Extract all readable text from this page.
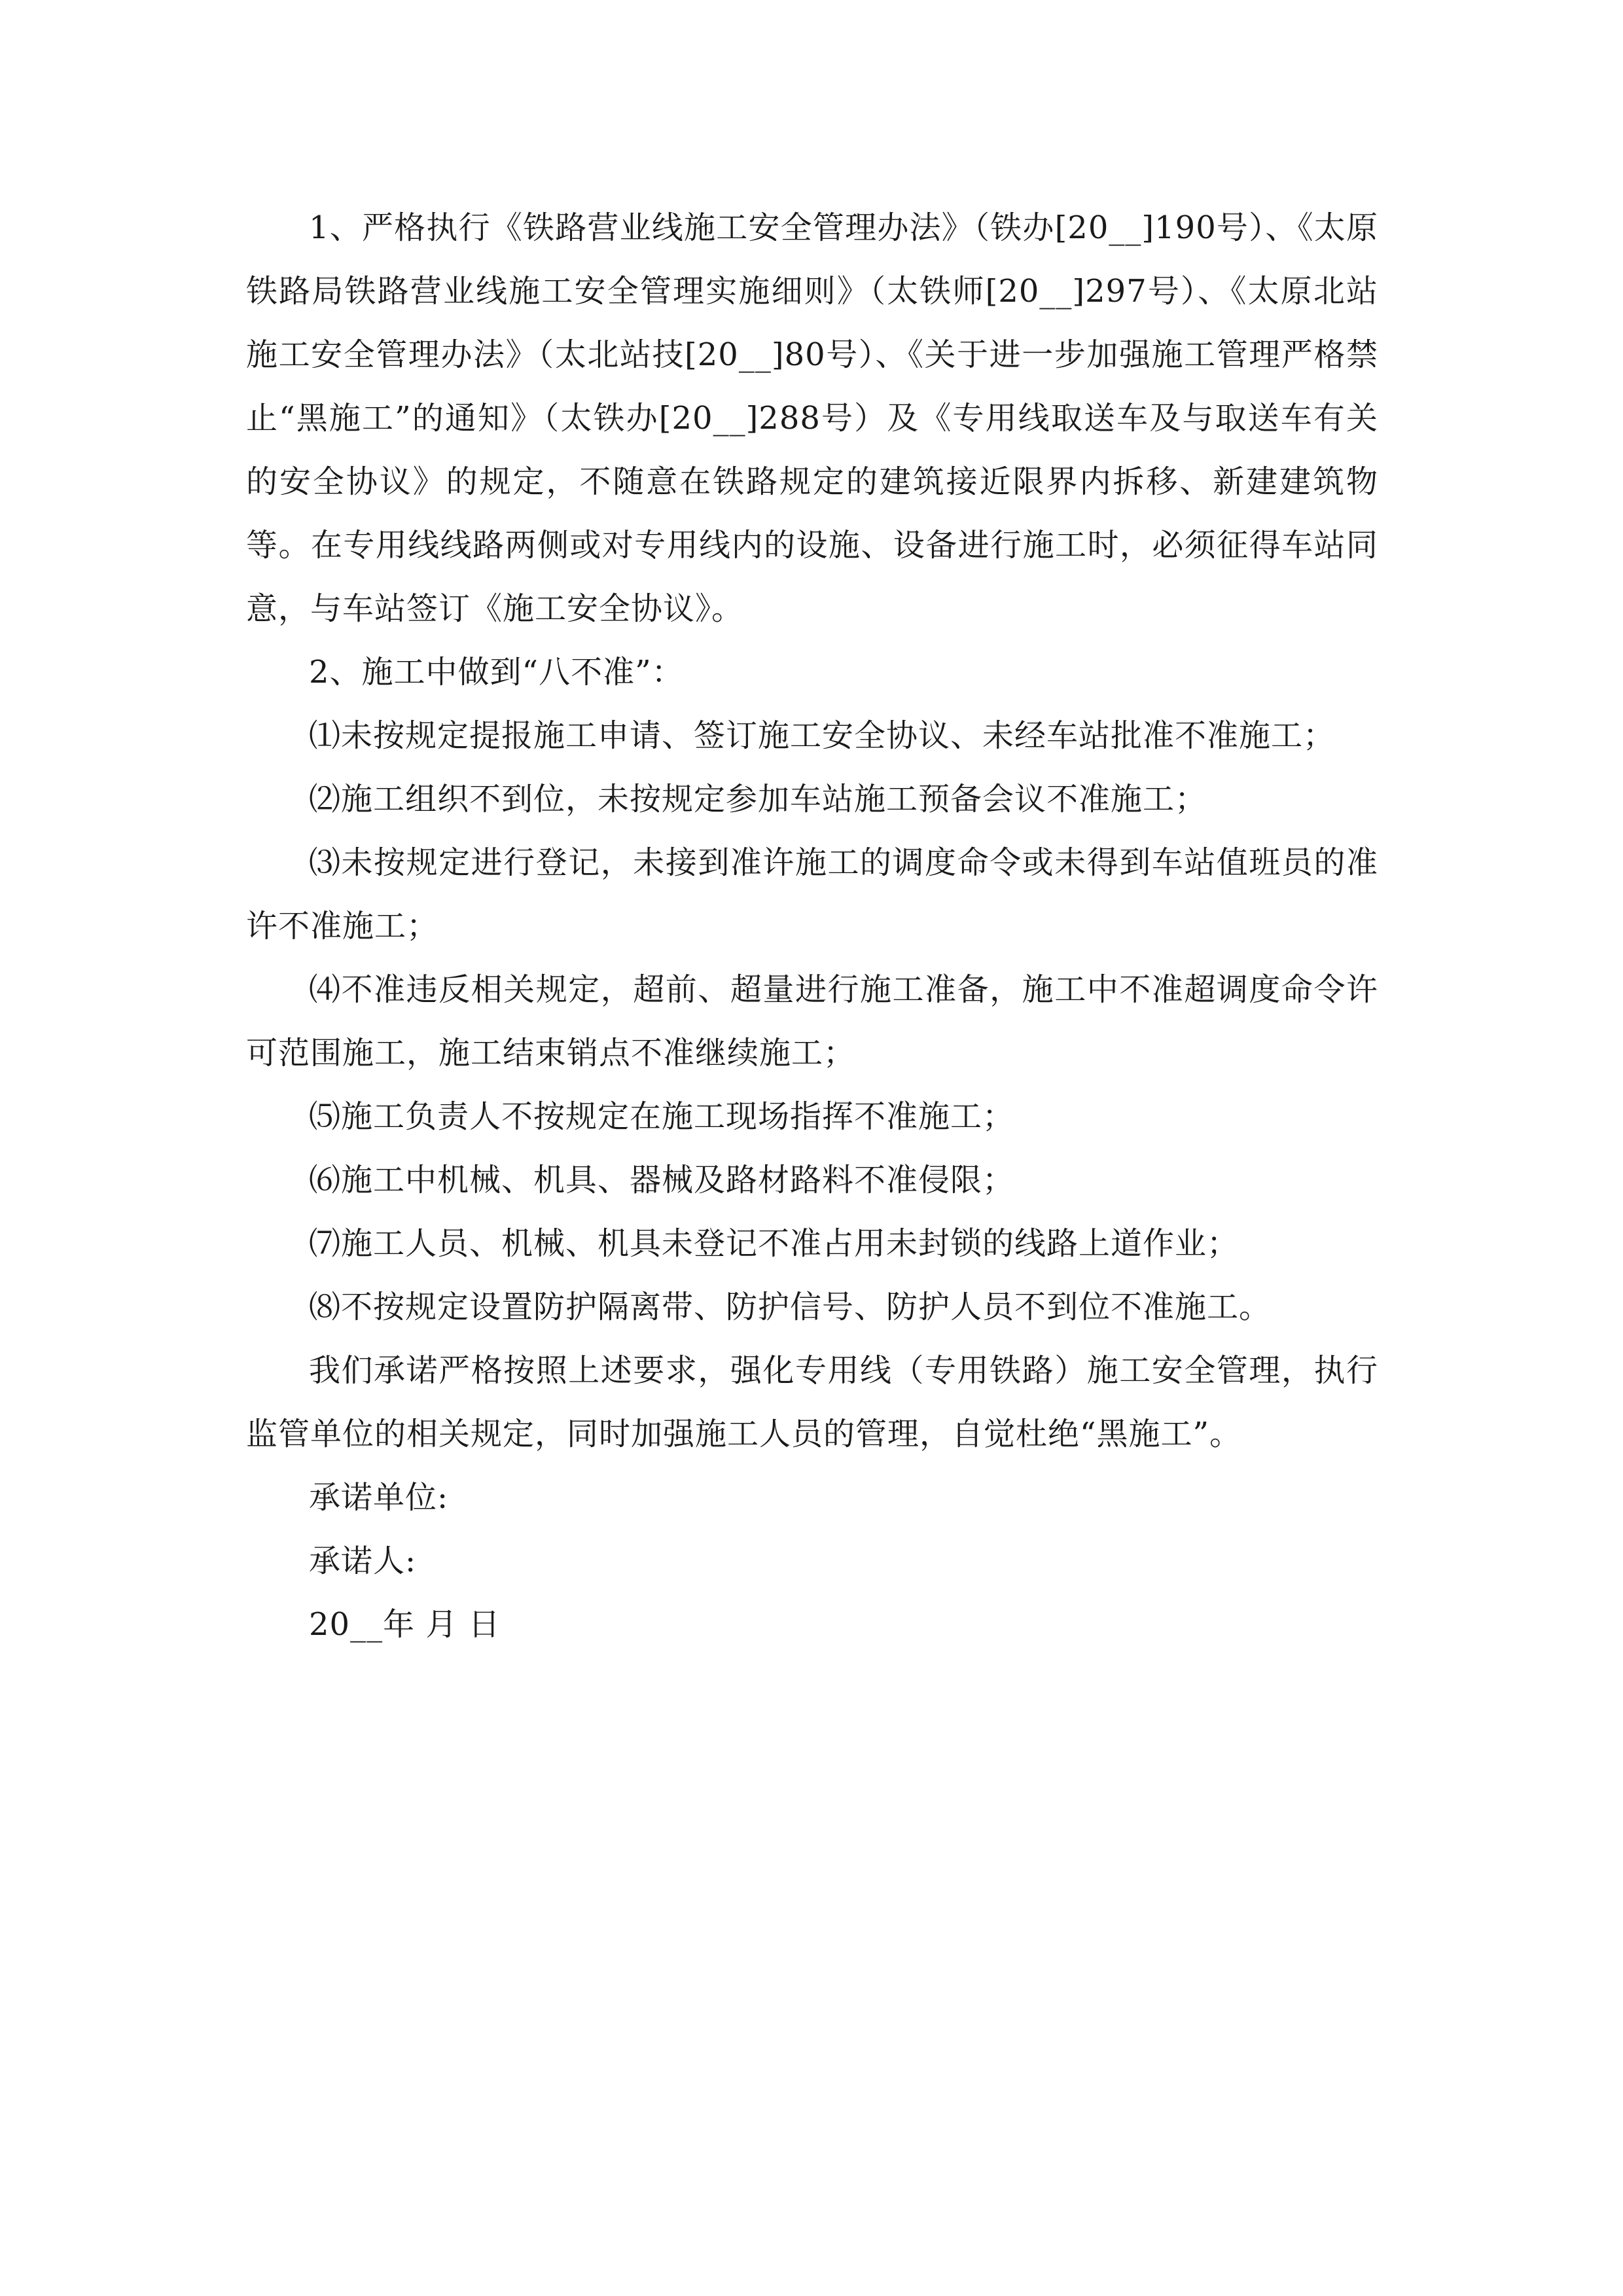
1、严格执行《铁路营业线施工安全管理办法》（铁办[20__]190号）、《太原铁路局铁路营业线施工安全管理实施细则》（太铁师[20__]297号）、《太原北站施工安全管理办法》（太北站技[20__]80号）、《关于进一步加强施工管理严格禁止“黑施工”的通知》（太铁办[20__]288号）及《专用线取送车及与取送车有关的安全协议》的规定，不随意在铁路规定的建筑接近限界内拆移、新建建筑物等。在专用线线路两侧或对专用线内的设施、设备进行施工时，必须征得车站同意，与车站签订《施工安全协议》。

2、施工中做到“八不准”：

⑴未按规定提报施工申请、签订施工安全协议、未经车站批准不准施工；

⑵施工组织不到位，未按规定参加车站施工预备会议不准施工；

⑶未按规定进行登记，未接到准许施工的调度命令或未得到车站值班员的准许不准施工；

⑷不准违反相关规定，超前、超量进行施工准备，施工中不准超调度命令许可范围施工，施工结束销点不准继续施工；

⑸施工负责人不按规定在施工现场指挥不准施工；

⑹施工中机械、机具、器械及路材路料不准侵限；

⑺施工人员、机械、机具未登记不准占用未封锁的线路上道作业；

⑻不按规定设置防护隔离带、防护信号、防护人员不到位不准施工。

我们承诺严格按照上述要求，强化专用线（专用铁路）施工安全管理，执行监管单位的相关规定，同时加强施工人员的管理，自觉杜绝“黑施工”。

承诺单位:

承诺人:

20__年 月 日
